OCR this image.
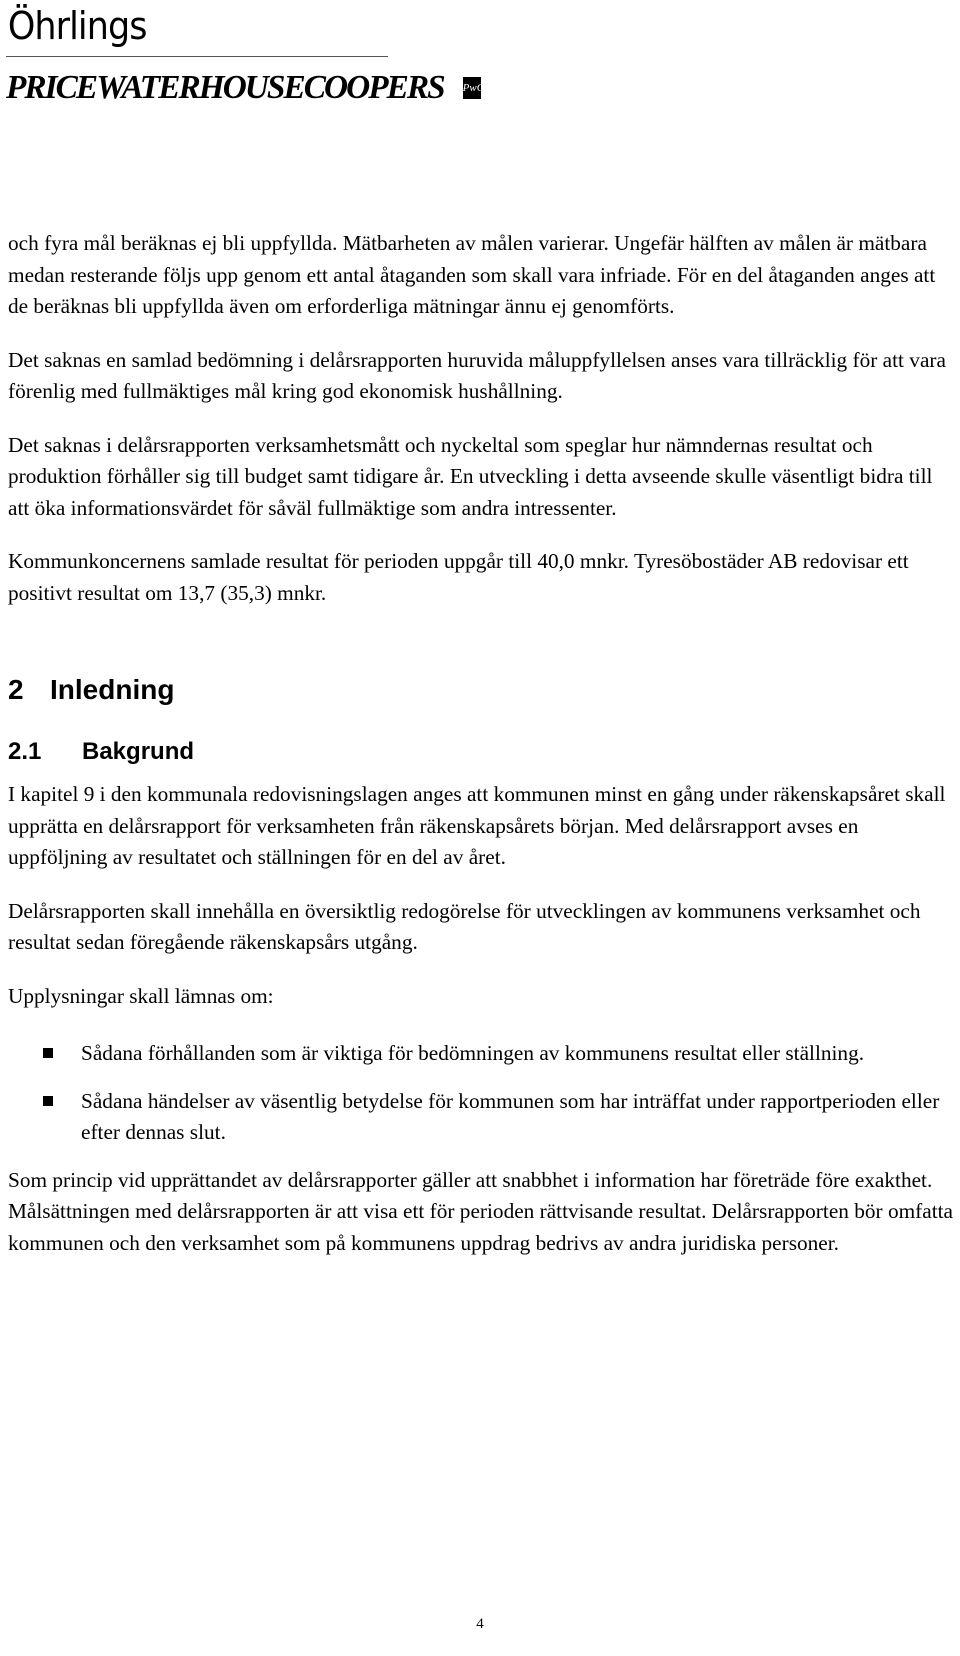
Öhrlings
PRICEWATERHOUSECOOPERS PwC

och fyra mål beräknas ej bli uppfyllda. Mätbarheten av målen varierar. Ungefär hälften av målen är mätbara medan resterande följs upp genom ett antal åtaganden som skall vara infriade. För en del åtaganden anges att de beräknas bli uppfyllda även om erforderliga mätningar ännu ej genomförts.

Det saknas en samlad bedömning i delårsrapporten huruvida måluppfyllelsen anses vara tillräcklig för att vara förenlig med fullmäktiges mål kring god ekonomisk hushållning.

Det saknas i delårsrapporten verksamhetsmått och nyckeltal som speglar hur nämndernas resultat och produktion förhåller sig till budget samt tidigare år. En utveckling i detta avseende skulle väsentligt bidra till att öka informationsvärdet för såväl fullmäktige som andra intressenter.

Kommunkoncernens samlade resultat för perioden uppgår till 40,0 mnkr. Tyresöbostäder AB redovisar ett positivt resultat om 13,7 (35,3) mnkr.

2 Inledning
2.1 Bakgrund

I kapitel 9 i den kommunala redovisningslagen anges att kommunen minst en gång under räkenskapsåret skall upprätta en delårsrapport för verksamheten från räkenskapsårets början. Med delårsrapport avses en uppföljning av resultatet och ställningen för en del av året.

Delårsrapporten skall innehålla en översiktlig redogörelse för utvecklingen av kommunens verksamhet och resultat sedan föregående räkenskapsårs utgång.

Upplysningar skall lämnas om:

Sådana förhållanden som är viktiga för bedömningen av kommunens resultat eller ställning.
Sådana händelser av väsentlig betydelse för kommunen som har inträffat under rapportperioden eller efter dennas slut.

Som princip vid upprättandet av delårsrapporter gäller att snabbhet i information har företräde före exakthet. Målsättningen med delårsrapporten är att visa ett för perioden rättvisande resultat. Delårsrapporten bör omfatta kommunen och den verksamhet som på kommunens uppdrag bedrivs av andra juridiska personer.

4
